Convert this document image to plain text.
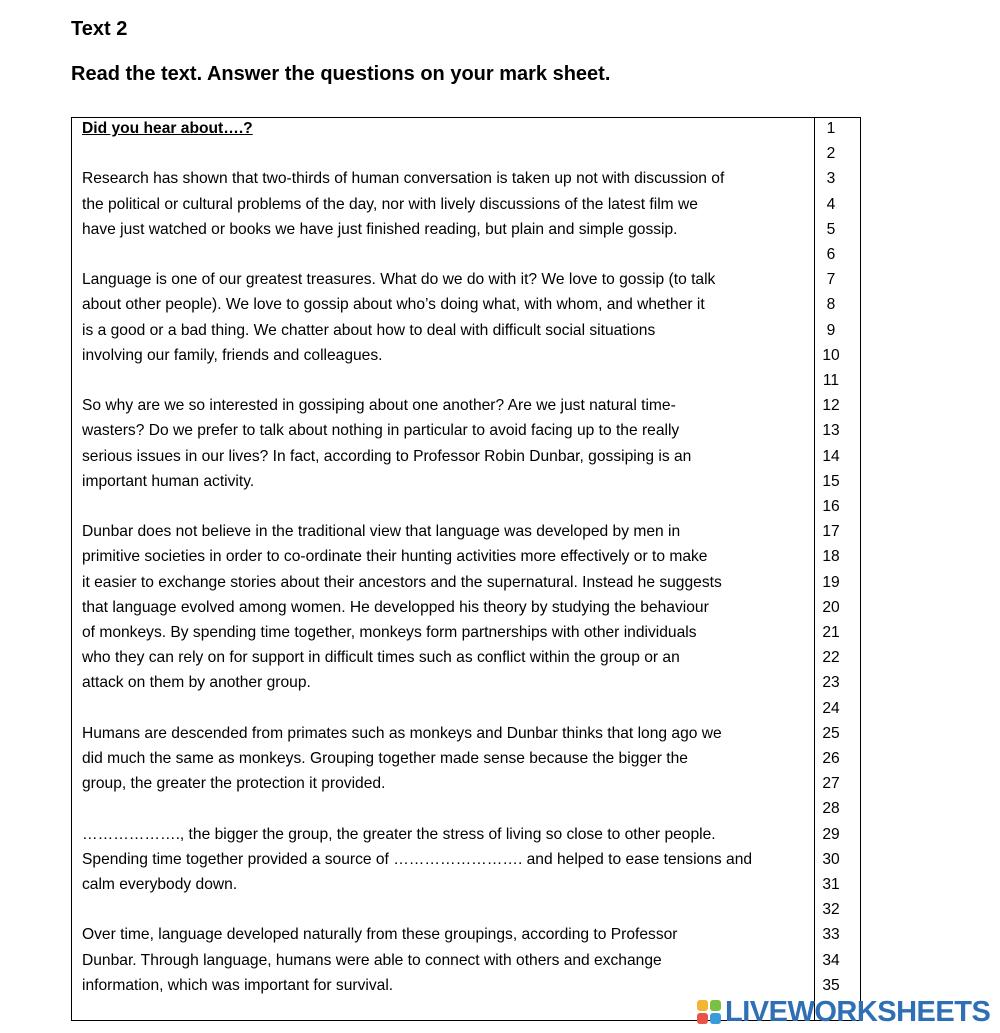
Text 2
Read the text. Answer the questions on your mark sheet.
Did you hear about….?
Research has shown that two-thirds of human conversation is taken up not with discussion of
the political or cultural problems of the day, nor with lively discussions of the latest film we
have just watched or books we have just finished reading, but plain and simple gossip.
Language is one of our greatest treasures. What do we do with it? We love to gossip (to talk
about other people). We love to gossip about who’s doing what, with whom, and whether it
is a good or a bad thing. We chatter about how to deal with difficult social situations
involving our family, friends and colleagues.
So why are we so interested in gossiping about one another? Are we just natural time-
wasters? Do we prefer to talk about nothing in particular to avoid facing up to the really
serious issues in our lives? In fact, according to Professor Robin Dunbar, gossiping is an
important human activity.
Dunbar does not believe in the traditional view that language was developed by men in
primitive societies in order to co-ordinate their hunting activities more effectively or to make
it easier to exchange stories about their ancestors and the supernatural. Instead he suggests
that language evolved among women. He developped his theory by studying the behaviour
of monkeys. By spending time together, monkeys form partnerships with other individuals
who they can rely on for support in difficult times such as conflict within the group or an
attack on them by another group.
Humans are descended from primates such as monkeys and Dunbar thinks that long ago we
did much the same as monkeys. Grouping together made sense because the bigger the
group, the greater the protection it provided.
………………., the bigger the group, the greater the stress of living so close to other people.
Spending time together provided a source of ……………………. and helped to ease tensions and
calm everybody down.
Over time, language developed naturally from these groupings, according to Professor
Dunbar. Through language, humans were able to connect with others and exchange
information, which was important for survival.
1
2
3
4
5
6
7
8
9
10
11
12
13
14
15
16
17
18
19
20
21
22
23
24
25
26
27
28
29
30
31
32
33
34
35
LIVEWORKSHEETS
